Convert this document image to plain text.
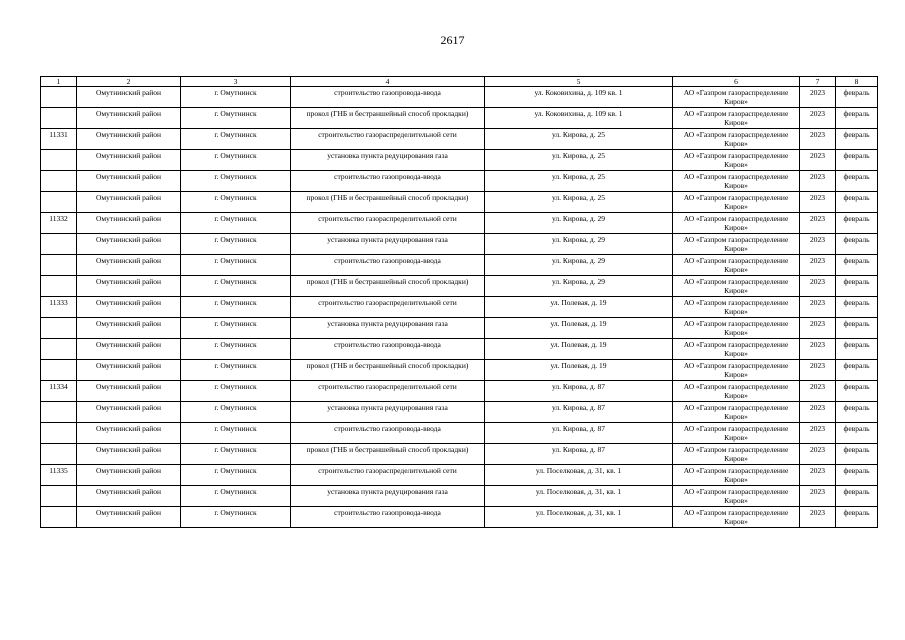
2617
1	2	3	4	5	6	7	8
	Омутнинский район	г. Омутнинск	строительство газопровода-ввода	ул. Коковихина, д. 109 кв. 1	АО «Газпром газораспределение Киров»	2023	февраль
	Омутнинский район	г. Омутнинск	прокол (ГНБ и бестраншейный способ прокладки)	ул. Коковихина, д. 109 кв. 1	АО «Газпром газораспределение Киров»	2023	февраль
11331	Омутнинский район	г. Омутнинск	строительство газораспределительной сети	ул. Кирова, д. 25	АО «Газпром газораспределение Киров»	2023	февраль
	Омутнинский район	г. Омутнинск	установка пункта редуцирования газа	ул. Кирова, д. 25	АО «Газпром газораспределение Киров»	2023	февраль
	Омутнинский район	г. Омутнинск	строительство газопровода-ввода	ул. Кирова, д. 25	АО «Газпром газораспределение Киров»	2023	февраль
	Омутнинский район	г. Омутнинск	прокол (ГНБ и бестраншейный способ прокладки)	ул. Кирова, д. 25	АО «Газпром газораспределение Киров»	2023	февраль
11332	Омутнинский район	г. Омутнинск	строительство газораспределительной сети	ул. Кирова, д. 29	АО «Газпром газораспределение Киров»	2023	февраль
	Омутнинский район	г. Омутнинск	установка пункта редуцирования газа	ул. Кирова, д. 29	АО «Газпром газораспределение Киров»	2023	февраль
	Омутнинский район	г. Омутнинск	строительство газопровода-ввода	ул. Кирова, д. 29	АО «Газпром газораспределение Киров»	2023	февраль
	Омутнинский район	г. Омутнинск	прокол (ГНБ и бестраншейный способ прокладки)	ул. Кирова, д. 29	АО «Газпром газораспределение Киров»	2023	февраль
11333	Омутнинский район	г. Омутнинск	строительство газораспределительной сети	ул. Полевая, д. 19	АО «Газпром газораспределение Киров»	2023	февраль
	Омутнинский район	г. Омутнинск	установка пункта редуцирования газа	ул. Полевая, д. 19	АО «Газпром газораспределение Киров»	2023	февраль
	Омутнинский район	г. Омутнинск	строительство газопровода-ввода	ул. Полевая, д. 19	АО «Газпром газораспределение Киров»	2023	февраль
	Омутнинский район	г. Омутнинск	прокол (ГНБ и бестраншейный способ прокладки)	ул. Полевая, д. 19	АО «Газпром газораспределение Киров»	2023	февраль
11334	Омутнинский район	г. Омутнинск	строительство газораспределительной сети	ул. Кирова, д. 87	АО «Газпром газораспределение Киров»	2023	февраль
	Омутнинский район	г. Омутнинск	установка пункта редуцирования газа	ул. Кирова, д. 87	АО «Газпром газораспределение Киров»	2023	февраль
	Омутнинский район	г. Омутнинск	строительство газопровода-ввода	ул. Кирова, д. 87	АО «Газпром газораспределение Киров»	2023	февраль
	Омутнинский район	г. Омутнинск	прокол (ГНБ и бестраншейный способ прокладки)	ул. Кирова, д. 87	АО «Газпром газораспределение Киров»	2023	февраль
11335	Омутнинский район	г. Омутнинск	строительство газораспределительной сети	ул. Поселковая, д. 31, кв. 1	АО «Газпром газораспределение Киров»	2023	февраль
	Омутнинский район	г. Омутнинск	установка пункта редуцирования газа	ул. Поселковая, д. 31, кв. 1	АО «Газпром газораспределение Киров»	2023	февраль
	Омутнинский район	г. Омутнинск	строительство газопровода-ввода	ул. Поселковая, д. 31, кв. 1	АО «Газпром газораспределение Киров»	2023	февраль
